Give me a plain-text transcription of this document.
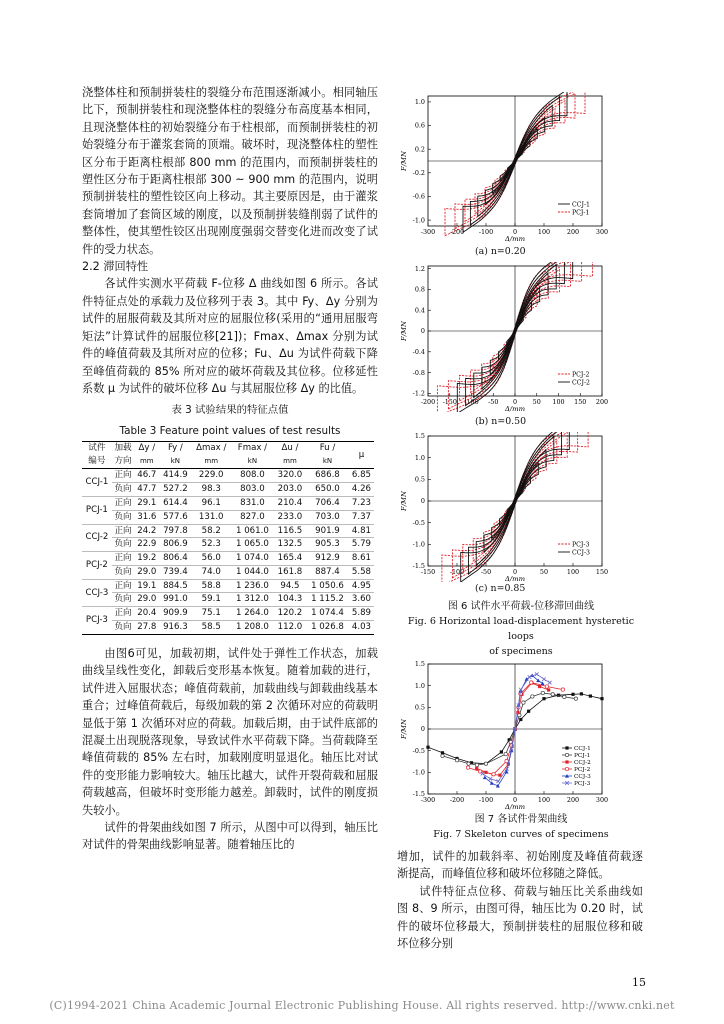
浇整体柱和预制拼装柱的裂缝分布范围逐渐减小。相同轴压比下，预制拼装柱和现浇整体柱的裂缝分布高度基本相同，且现浇整体柱的初始裂缝分布于柱根部，而预制拼装柱的初始裂缝分布于灌浆套筒的顶端。破坏时，现浇整体柱的塑性区分布于距离柱根部 800 mm 的范围内，而预制拼装柱的塑性区分布于距离柱根部 300 ~ 900 mm 的范围内，说明预制拼装柱的塑性铰区向上移动。其主要原因是，由于灌浆套筒增加了套筒区域的刚度，以及预制拼装缝削弱了试件的整体性，使其塑性铰区出现刚度强弱交替变化进而改变了试件的受力状态。

2.2 滞回特性

各试件实测水平荷载 F-位移 Δ 曲线如图 6 所示。各试件特征点处的承载力及位移列于表 3。其中 Fy、Δy 分别为试件的屈服荷载及其所对应的屈服位移(采用的“通用屈服弯矩法”计算试件的屈服位移[21])；Fmax、Δmax 分别为试件的峰值荷载及其所对应的位移；Fu、Δu 为试件荷载下降至峰值荷载的 85% 所对应的破坏荷载及其位移。位移延性系数 μ 为试件的破坏位移 Δu 与其屈服位移 Δy 的比值。

表 3 试验结果的特征点值

Table 3 Feature point values of test results

试件	加载	Δy /	Fy /	Δmax /	Fmax /	Δu /	Fu /	μ
编号	方向	mm	kN	mm	kN	mm	kN	
CCJ-1	正向	46.7	414.9	229.0	808.0	320.0	686.8	6.85
	负向	47.7	527.2	98.3	803.0	203.0	650.0	4.26
PCJ-1	正向	29.1	614.4	96.1	831.0	210.4	706.4	7.23
	负向	31.6	577.6	131.0	827.0	233.0	703.0	7.37
CCJ-2	正向	24.2	797.8	58.2	1 061.0	116.5	901.9	4.81
	负向	22.9	806.9	52.3	1 065.0	132.5	905.3	5.79
PCJ-2	正向	19.2	806.4	56.0	1 074.0	165.4	912.9	8.61
	负向	29.0	739.4	74.0	1 044.0	161.8	887.4	5.58
CCJ-3	正向	19.1	884.5	58.8	1 236.0	94.5	1 050.6	4.95
	负向	29.0	991.0	59.1	1 312.0	104.3	1 115.2	3.60
PCJ-3	正向	20.4	909.9	75.1	1 264.0	120.2	1 074.4	5.89
	负向	27.8	916.3	58.5	1 208.0	112.0	1 026.8	4.03

由图6可见，加载初期，试件处于弹性工作状态，加载曲线呈线性变化，卸载后变形基本恢复。随着加载的进行，试件进入屈服状态；峰值荷载前，加载曲线与卸载曲线基本重合；过峰值荷载后，每级加载的第 2 次循环对应的荷载明显低于第 1 次循环对应的荷载。加载后期，由于试件底部的混凝土出现脱落现象，导致试件水平荷载下降。当荷载降至峰值荷载的 85% 左右时，加载刚度明显退化。轴压比对试件的变形能力影响较大。轴压比越大，试件开裂荷载和屈服荷载越高，但破坏时变形能力越差。卸载时，试件的刚度损失较小。

试件的骨架曲线如图 7 所示，从图中可以得到，轴压比对试件的骨架曲线影响显著。随着轴压比的

-300 -200 -100	0	100	200	300
1.0
0.6
0.2
-0.2
-0.6
-1.0
Δ/mm
F/MN
CCJ-1
PCJ-1
(a) n=0.20
-200 -150 -100 -50 0 50 100 150 200
1.2
0.8
0.4
0
-0.4
-0.8
-1.2
Δ/mm
F/MN
PCJ-2
CCJ-2
(b) n=0.50
-150 -100	-50	0	50	100	150
1.5
1.0
0.5
0
-0.5
-1.0
-1.5
Δ/mm
F/MN
PCJ-3
CCJ-3
(c) n=0.85
图 6 试件水平荷载-位移滞回曲线
Fig. 6 Horizontal load-displacement hysteretic loops
of specimens
-300 -200 -100	0	100	200	300
1.5
1.0
0.5
0
-0.5
-1.0
-1.5
Δ/mm
F/MN
CCJ-1
PCJ-1
CCJ-2
PCJ-2
CCJ-3
PCJ-3
图 7 各试件骨架曲线
Fig. 7 Skeleton curves of specimens

增加，试件的加载斜率、初始刚度及峰值荷载逐渐提高，而峰值位移和破坏位移随之降低。

试件特征点位移、荷载与轴压比关系曲线如图 8、9 所示，由图可得，轴压比为 0.20 时，试件的破坏位移最大，预制拼装柱的屈服位移和破坏位移分别

15
(C)1994-2021 China Academic Journal Electronic Publishing House. All rights reserved. http://www.cnki.net
